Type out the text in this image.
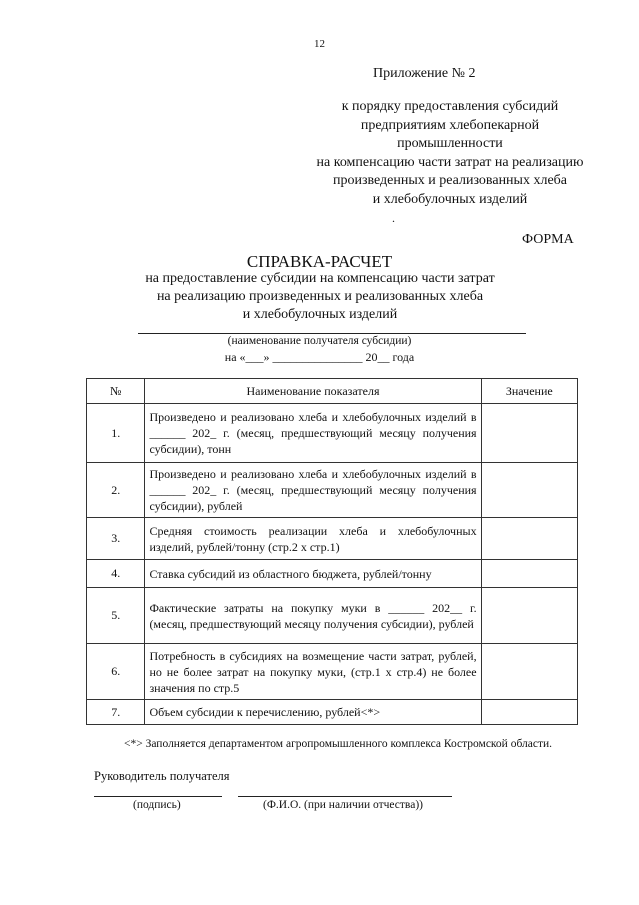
12
Приложение № 2
к порядку предоставления субсидий
предприятиям хлебопекарной
промышленности
на компенсацию части затрат на реализацию
произведенных и реализованных хлеба
и хлебобулочных изделий
.
ФОРМА
СПРАВКА-РАСЧЕТ
на предоставление субсидии на компенсацию части затрат
на реализацию произведенных и реализованных хлеба
и хлебобулочных изделий
(наименование получателя субсидии)
на «___» _______________ 20__ года
№	Наименование показателя	Значение
1.	Произведено и реализовано хлеба и хлебобулочных изделий в ______ 202_ г. (месяц, предшествующий месяцу получения субсидии), тонн	
2.	Произведено и реализовано хлеба и хлебобулочных изделий в ______ 202_ г. (месяц, предшествующий месяцу получения субсидии), рублей	
3.	Средняя стоимость реализации хлеба и хлебобулочных изделий, рублей/тонну (стр.2 х стр.1)	
4.	Ставка субсидий из областного бюджета, рублей/тонну	
5.	Фактические затраты на покупку муки в ______ 202__ г. (месяц, предшествующий месяцу получения субсидии), рублей	
6.	Потребность в субсидиях на возмещение части затрат, рублей, но не более затрат на покупку муки, (стр.1 х стр.4) не более значения по стр.5	
7.	Объем субсидии к перечислению, рублей<*>	
<*> Заполняется департаментом агропромышленного комплекса Костромской области.
Руководитель получателя
(подпись)	(Ф.И.О. (при наличии отчества))
